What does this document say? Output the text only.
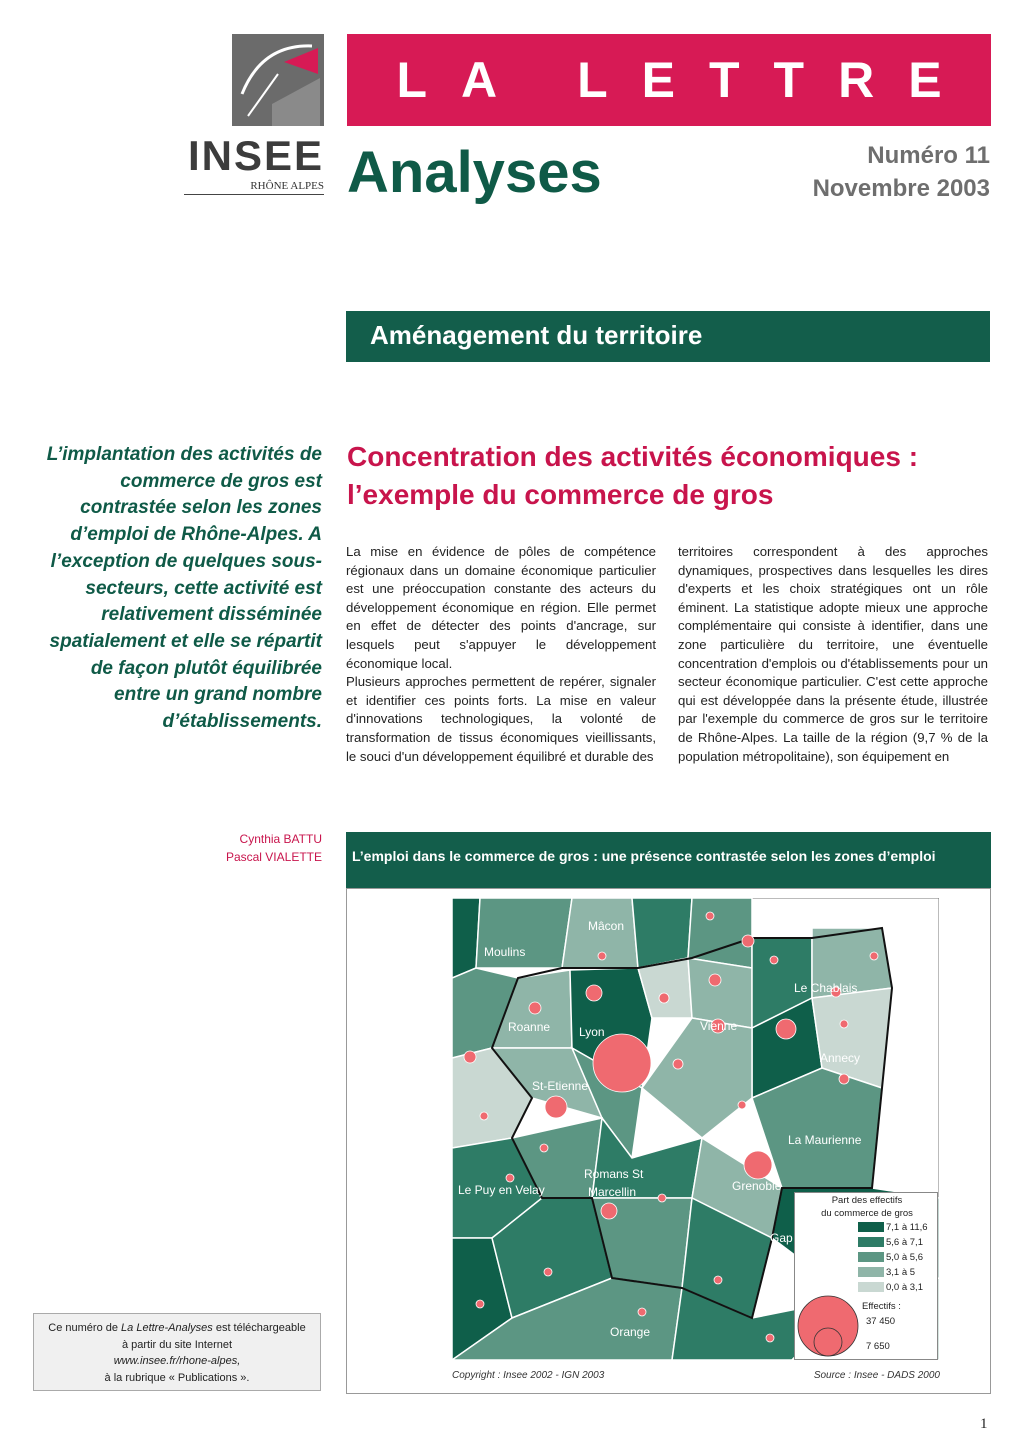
INSEE
RHÔNE ALPES
LA LETTRE
Analyses	Numéro 11
Novembre 2003
Aménagement du territoire
L’implantation des activités de commerce de gros est contrastée selon les zones d’emploi de Rhône-Alpes. A l’exception de quelques sous-secteurs, cette activité est relativement disséminée spatialement et elle se répartit de façon plutôt équilibrée entre un grand nombre d’établissements.
Concentration des activités économiques :
l’exemple du commerce de gros

La mise en évidence de pôles de compétence régionaux dans un domaine économique particulier est une préoccupation constante des acteurs du développement économique en région. Elle permet en effet de détecter des points d'ancrage, sur lesquels peut s'appuyer le développement économique local.

Plusieurs approches permettent de repérer, signaler et identifier ces points forts. La mise en valeur d'innovations technologiques, la volonté de transformation de tissus économiques vieillissants, le souci d'un développement équilibré et durable des

territoires correspondent à des approches dynamiques, prospectives dans lesquelles les dires d'experts et les choix stratégiques ont un rôle éminent. La statistique adopte mieux une approche complémentaire qui consiste à identifier, dans une zone particulière du territoire, une éventuelle concentration d'emplois ou d'établissements pour un secteur économique particulier. C'est cette approche qui est développée dans la présente étude, illustrée par l'exemple du commerce de gros sur le territoire de Rhône-Alpes. La taille de la région (9,7 % de la population métropolitaine), son équipement en

Cynthia BATTU
Pascal VIALETTE L’emploi dans le commerce de gros : une présence contrastée selon les zones d’emploi
Mâcon
Moulins
Roanne Lyon	Vienne
Le Chablais
Annecy
St-Etienne
La Maurienne
Le Puy en Velay
Romans St
Marcellin	Grenoble
Gap
Orange
Part des effectifs
du commerce de gros
7,1 à 11,6
5,6 à 7,1
5,0 à 5,6
3,1 à 5
0,0 à 3,1
Effectifs :
37 450
7 650
Copyright : Insee 2002 - IGN 2003	Source : Insee - DADS 2000
Ce numéro de La Lettre-Analyses est téléchargeable
à partir du site Internet
www.insee.fr/rhone-alpes,
à la rubrique « Publications ».
1
